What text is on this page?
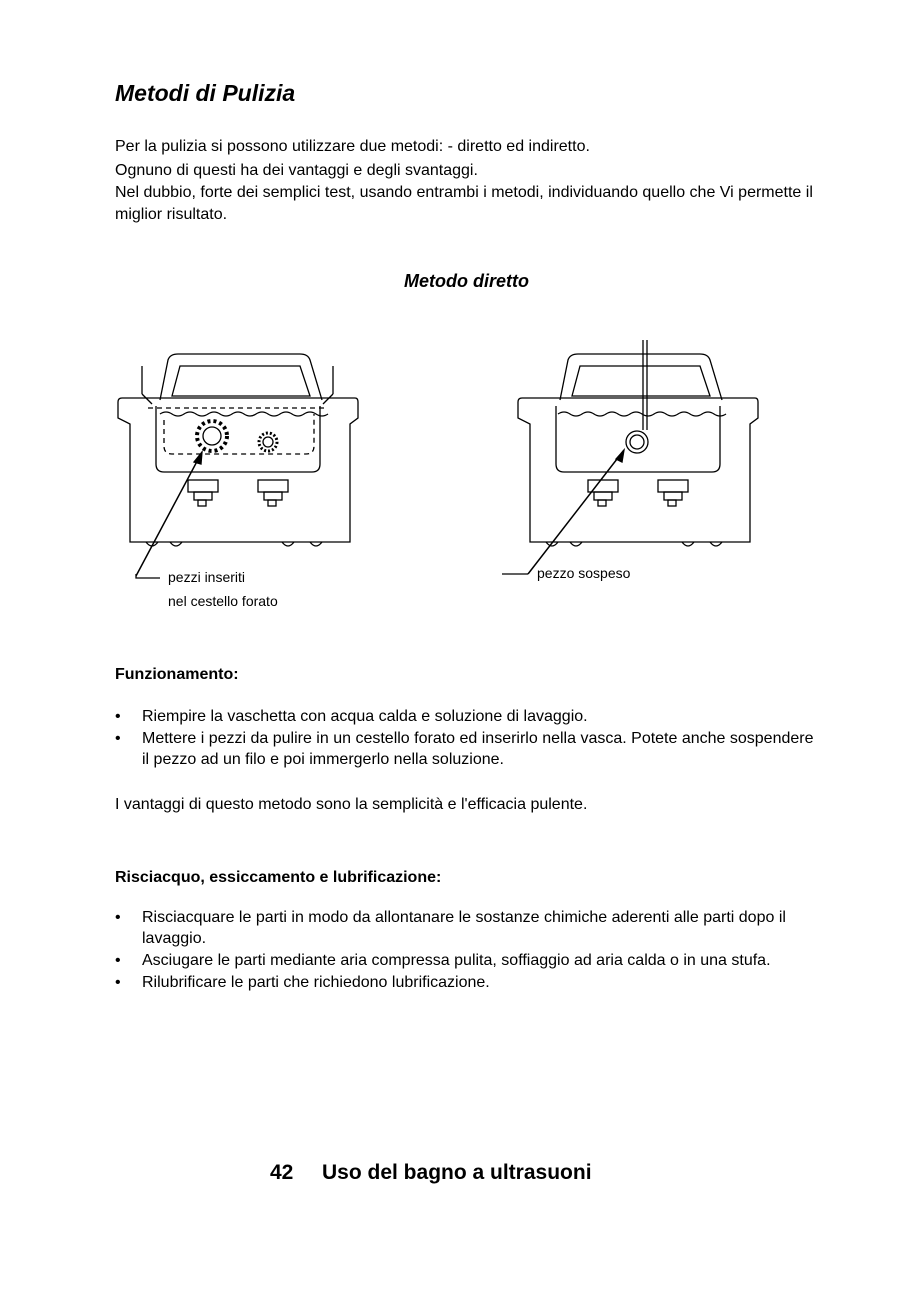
Metodi di Pulizia

Per la pulizia si possono utilizzare due metodi: - diretto ed indiretto.

Ognuno di questi ha dei vantaggi e degli svantaggi.

Nel dubbio, forte dei semplici test, usando entrambi i metodi, individuando quello che Vi permette il miglior risultato.

Metodo diretto
pezzi inseriti
nel cestello forato
pezzo sospeso
Funzionamento:
• Riempire la vaschetta con acqua calda e soluzione di lavaggio.
• Mettere i pezzi da pulire in un cestello forato ed inserirlo nella vasca. Potete anche sospendere il pezzo ad un filo e poi immergerlo nella soluzione.
I vantaggi di questo metodo sono la semplicità e l'efficacia pulente.
Risciacquo, essiccamento e lubrificazione:
• Risciacquare le parti in modo da allontanare le sostanze chimiche aderenti alle parti dopo il lavaggio.
• Asciugare le parti mediante aria compressa pulita, soffiaggio ad aria calda o in una stufa.
• Rilubrificare le parti che richiedono lubrificazione.
42 Uso del bagno a ultrasuoni
